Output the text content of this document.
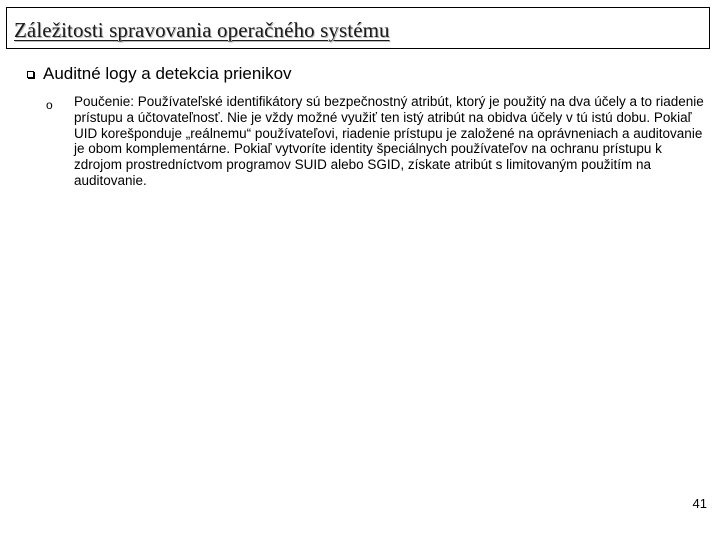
Záležitosti spravovania operačného systému
Auditné logy a detekcia prienikov
o Poučenie: Používateľské identifikátory sú bezpečnostný atribút, ktorý je použitý na dva účely a to riadenie prístupu a účtovateľnosť. Nie je vždy možné využiť ten istý atribút na obidva účely v tú istú dobu. Pokiaľ UID korešponduje „reálnemu“ používateľovi, riadenie prístupu je založené na oprávneniach a auditovanie je obom komplementárne. Pokiaľ vytvoríte identity špeciálnych používateľov na ochranu prístupu k zdrojom prostredníctvom programov SUID alebo SGID, získate atribút s limitovaným použitím na auditovanie.

41
